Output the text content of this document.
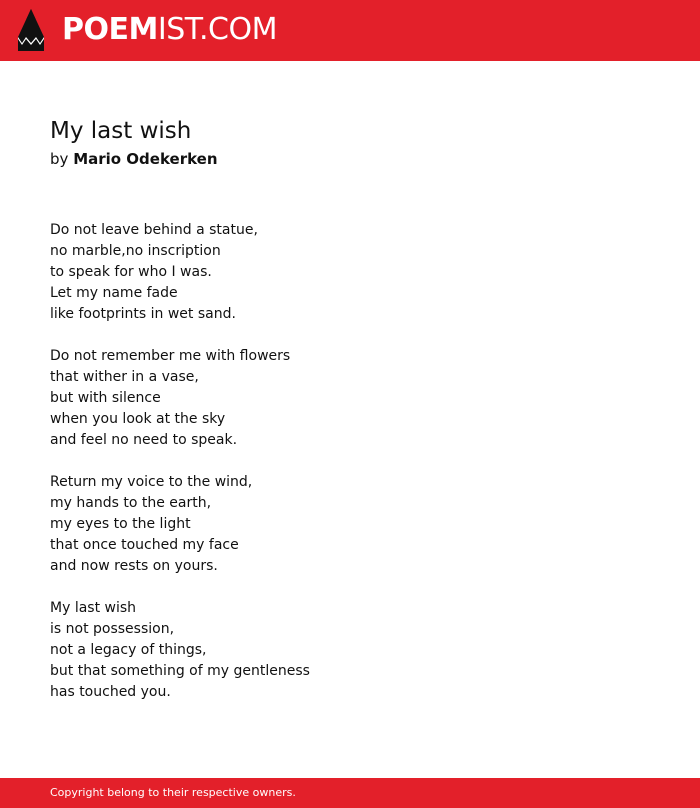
POEMIST.COM
My last wish
by Mario Odekerken
Do not leave behind a statue,
no marble,no inscription
to speak for who I was.
Let my name fade
like footprints in wet sand.
Do not remember me with flowers
that wither in a vase,
but with silence
when you look at the sky
and feel no need to speak.
Return my voice to the wind,
my hands to the earth,
my eyes to the light
that once touched my face
and now rests on yours.
My last wish
is not possession,
not a legacy of things,
but that something of my gentleness
has touched you.
Copyright belong to their respective owners.
